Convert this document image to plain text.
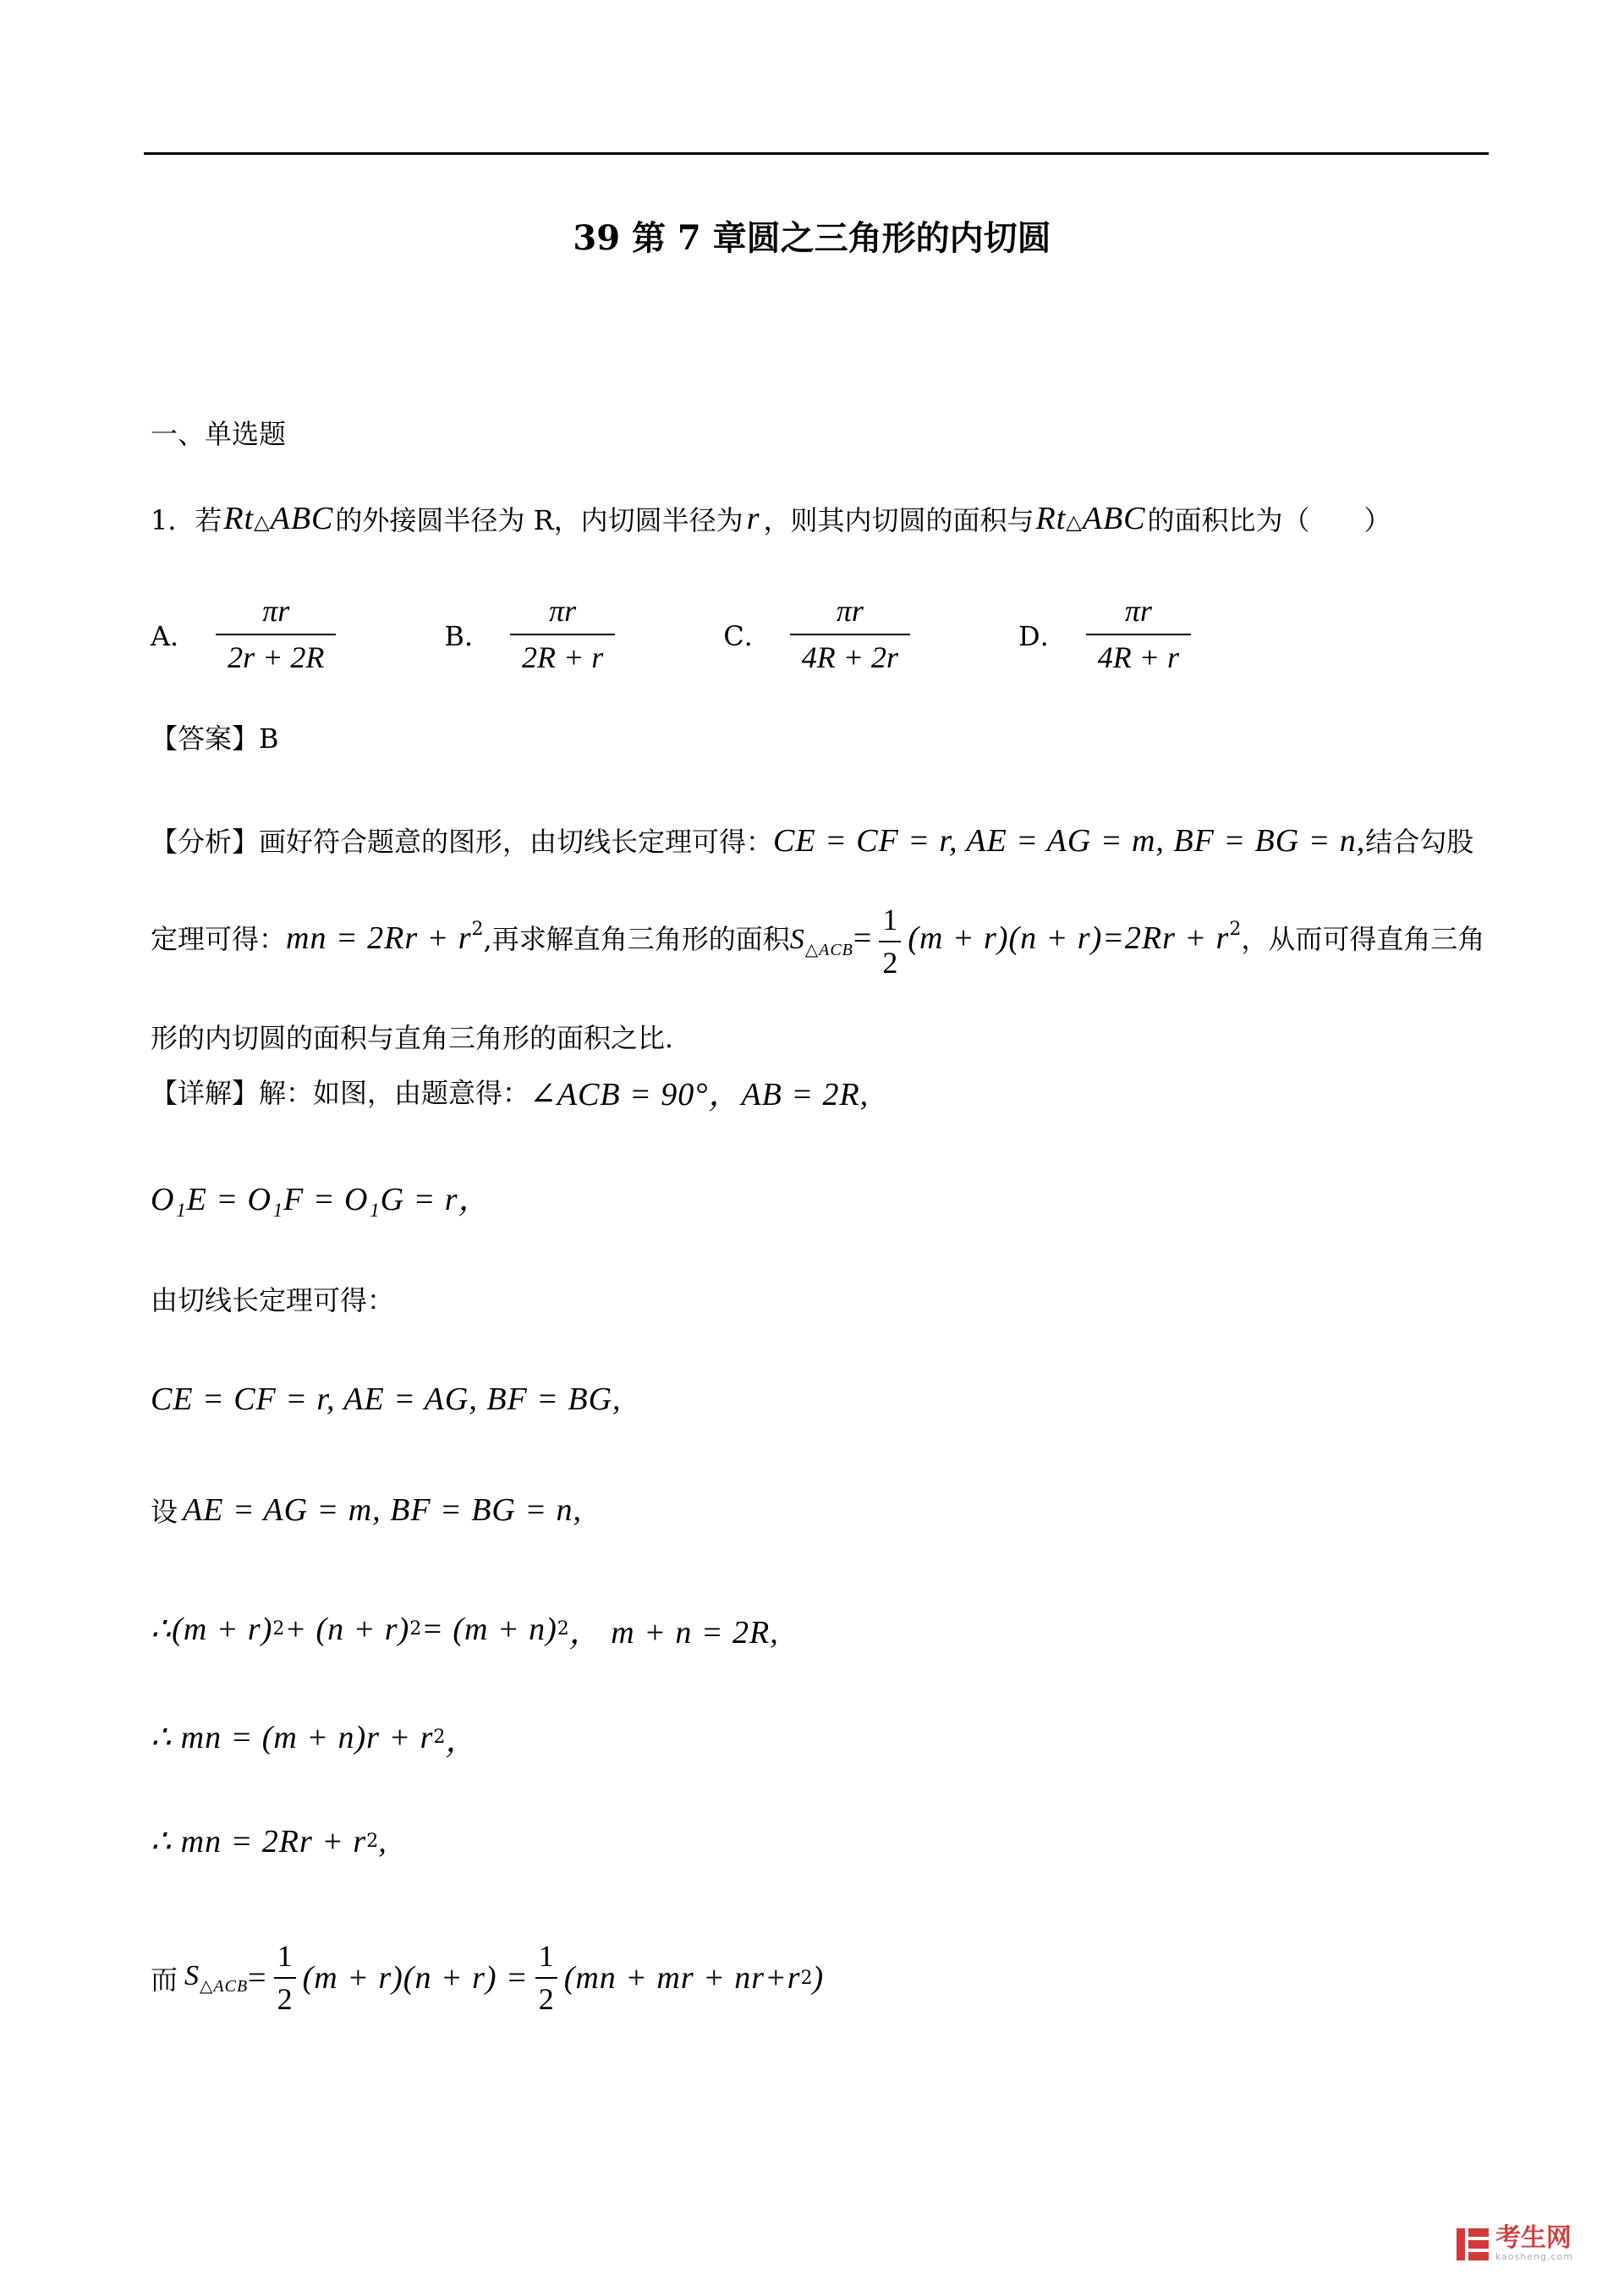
39 第 7 章圆之三角形的内切圆
一、单选题
1．若 Rt△ABC 的外接圆半径为 R，内切圆半径为 r ，则其内切圆的面积与 Rt△ABC 的面积比为（　　）
A． $\frac{\pi r}{2r + 2R}$	B． $\frac{\pi r}{2R + r}$	C． $\frac{\pi r}{4R + 2r}$	D． $\frac{\pi r}{4R + r}$
【答案】B
【分析】画好符合题意的图形，由切线长定理可得：CE = CF = r, AE = AG = m, BF = BG = n,结合勾股定理可得：mn = $2Rr + r^2$,再求解直角三角形的面积$S_{\triangle ACB}= \frac{1}{2} (m + r)(n + r)=2Rr + r^2$，从而可得直角三角形的内切圆的面积与直角三角形的面积之比．
【详解】解：如图，由题意得： ∠ACB = 90°，AB = 2R,
O₁E = O₁F = O₁G = r，
由切线长定理可得：
CE = CF = r, AE = AG, BF = BG,
设 AE = AG = m, BF = BG = n,
∴(m + r) 2 + (n + r) 2 = (m + n) 2 ， m + n = 2R,
∴ mn = (m + n)r + r 2 ，
∴ mn = 2Rr + r 2 ,
而 $S_{\triangle ACB} = \frac{1}{2} (m + r)(n + r) = \frac{1}{2} (mn$ + mr + nr+r 2 )
考生网
kaosheng.com
